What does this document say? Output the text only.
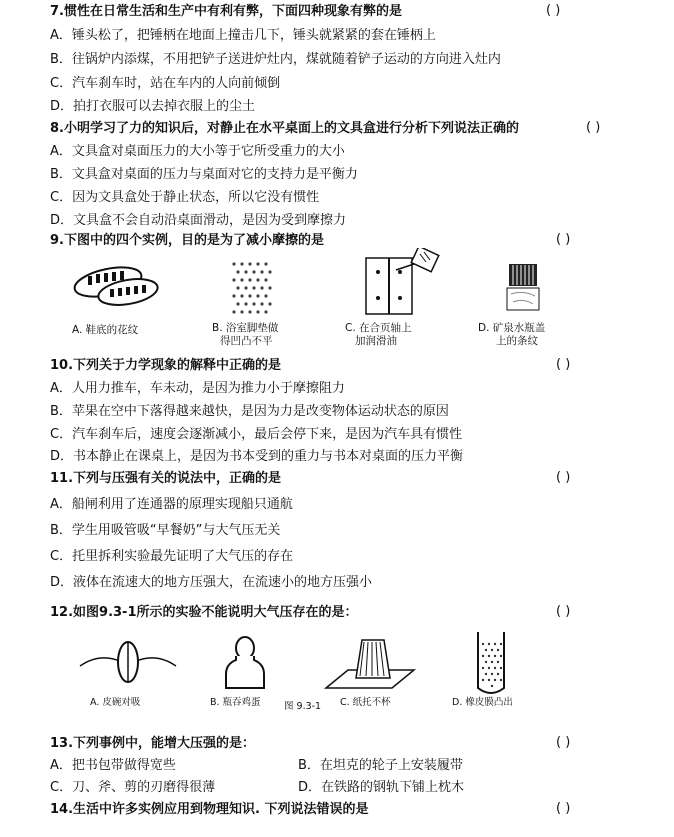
7.惯性在日常生活和生产中有利有弊，下面四种现象有弊的是	( )
A．锤头松了，把锤柄在地面上撞击几下，锤头就紧紧的套在锤柄上
B．往锅炉内添煤，不用把铲子送进炉灶内，煤就随着铲子运动的方向进入灶内
C．汽车刹车时，站在车内的人向前倾倒
D．拍打衣服可以去掉衣服上的尘土
8.小明学习了力的知识后，对静止在水平桌面上的文具盒进行分析下列说法正确的	( )
A．文具盒对桌面压力的大小等于它所受重力的大小
B．文具盒对桌面的压力与桌面对它的支持力是平衡力
C．因为文具盒处于静止状态，所以它没有惯性
D．文具盒不会自动沿桌面滑动，是因为受到摩擦力
9.下图中的四个实例，目的是为了减小摩擦的是	( )
A. 鞋底的花纹	B. 浴室脚垫做
得凹凸不平
C. 在合页轴上
加润滑油
D. 矿泉水瓶盖
上的条纹
10.下列关于力学现象的解释中正确的是	( )
A．人用力推车，车未动，是因为推力小于摩擦阻力
B．苹果在空中下落得越来越快，是因为力是改变物体运动状态的原因
C．汽车刹车后，速度会逐渐减小，最后会停下来，是因为汽车具有惯性
D．书本静止在课桌上，是因为书本受到的重力与书本对桌面的压力平衡
11.下列与压强有关的说法中，正确的是	( )
A．船闸利用了连通器的原理实现船只通航
B．学生用吸管吸“早餐奶”与大气压无关
C．托里拆利实验最先证明了大气压的存在
D．液体在流速大的地方压强大，在流速小的地方压强小
12.如图9.3-1所示的实验不能说明大气压存在的是：	( )
A. 皮碗对吸	B. 瓶吞鸡蛋 图 9.3-1 C. 纸托不杯	D. 橡皮膜凸出
13.下列事例中，能增大压强的是：	( )
A．把书包带做得宽些	B．在坦克的轮子上安装履带
C．刀、斧、剪的刃磨得很薄	D．在铁路的钢轨下铺上枕木
14.生活中许多实例应用到物理知识. 下列说法错误的是	( )
